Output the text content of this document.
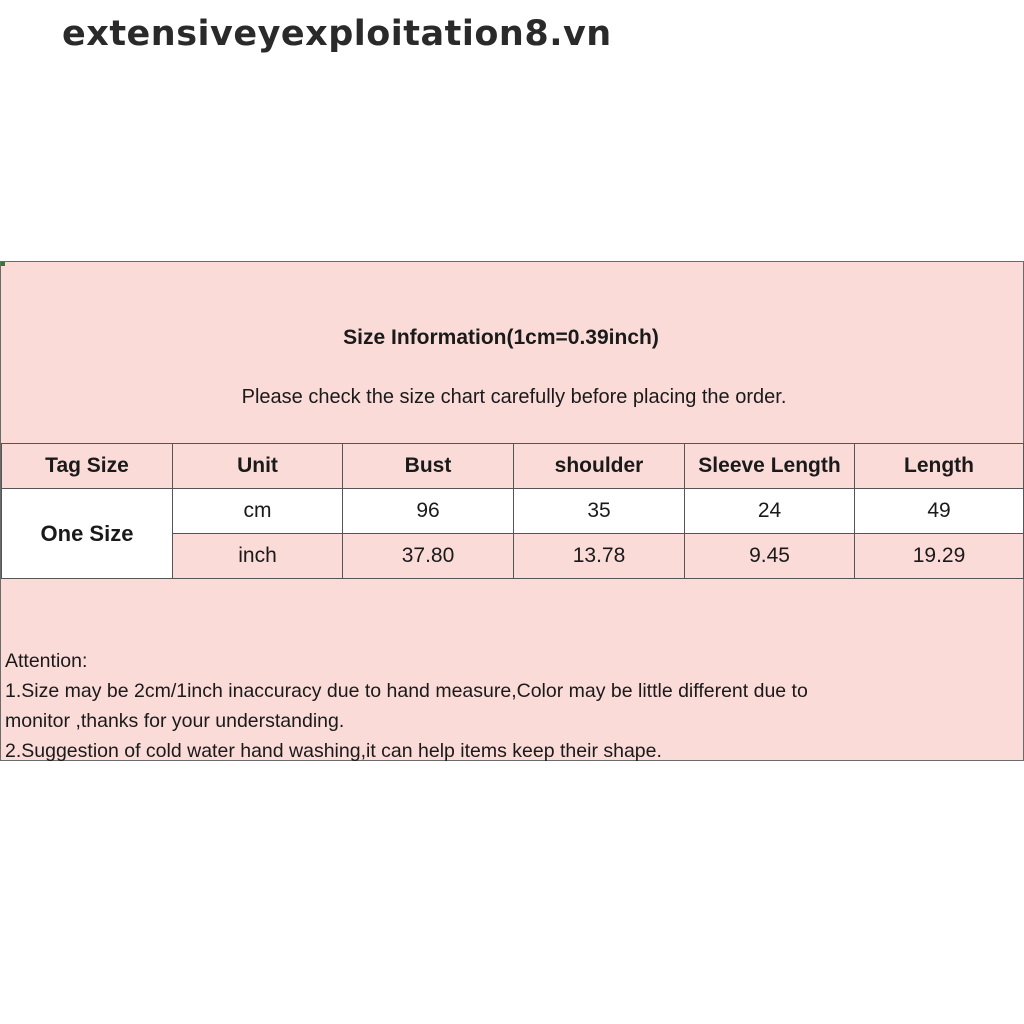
extensiveyexploitation8.vn
Size Information(1cm=0.39inch)
Please check the size chart carefully before placing the order.
Tag Size	Unit	Bust	shoulder	Sleeve Length	Length
One Size	cm	96	35	24	49
	inch	37.80	13.78	9.45	19.29
Attention:
1.Size may be 2cm/1inch inaccuracy due to hand measure,Color may be little different due to
monitor ,thanks for your understanding.
2.Suggestion of cold water hand washing,it can help items keep their shape.
